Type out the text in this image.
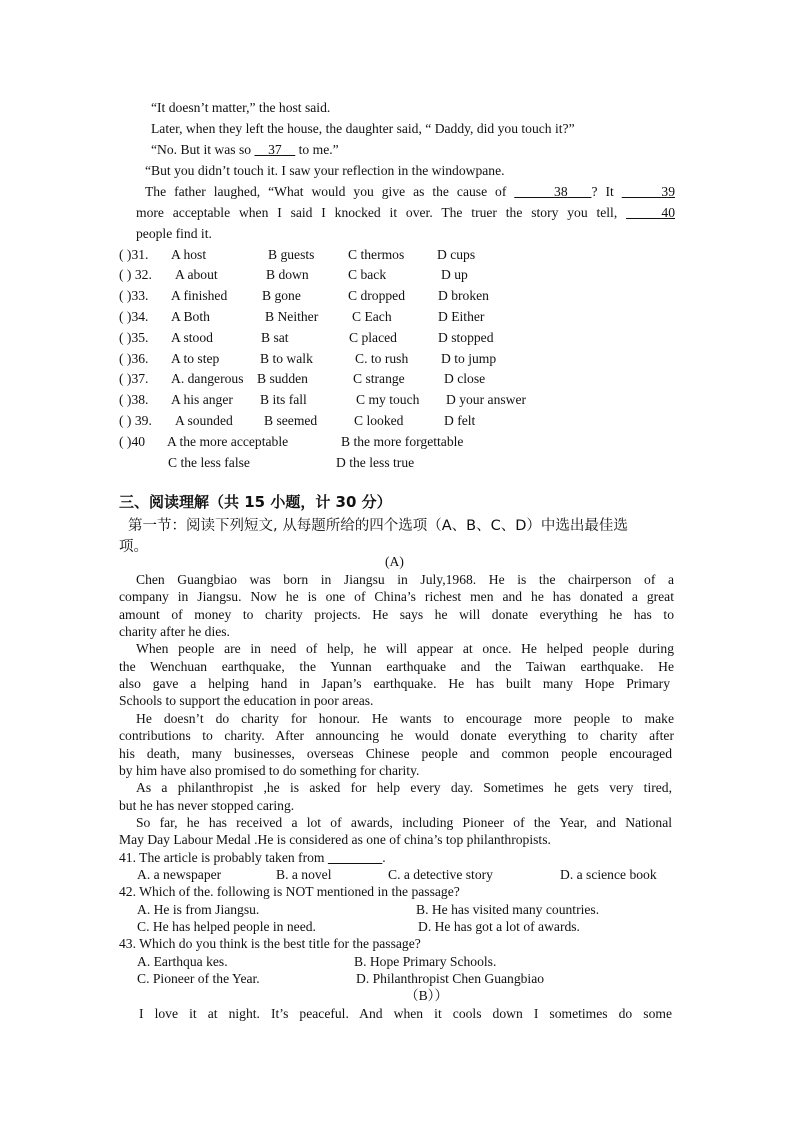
“It doesn’t matter,” the host said.
Later, when they left the house, the daughter said, “ Daddy, did you touch it?”
“No. But it was so 37 to me.”
“But you didn’t touch it. I saw your reflection in the windowpane.
The father laughed, “What would you give as the cause of	38 ? It	39
more acceptable when I said I knocked it over. The truer the story you tell,	40
people find it.
( )31. A host	B guests C thermos D cups
( ) 32. A about	B down	C back	D up
( )33. A finished	B gone	C dropped D broken
( )34. A Both	B Neither C Each	D Either
( )35. A stood	B sat	C placed	D stopped
( )36. A to step	B to walk	C. to rush D to jump
( )37. A. dangerous B sudden	C strange	D close
( )38. A his anger B its fall	C my touch D your answer
( ) 39. A sounded B seemed	C looked	D felt
( )40 A the more acceptable	B the more forgettable
C the less false	D the less true
三、阅读理解（共 15 小题，计 30 分）
第一节：阅读下列短文, 从每题所给的四个选项（A、B、C、D）中选出最佳选
项。
(A)
Chen Guangbiao was born in Jiangsu in July,1968. He is the chairperson of a
company in Jiangsu. Now he is one of China’s richest men and he has donated a great
amount of money to charity projects. He says he will donate everything he has to
charity after he dies.
When people are in need of help, he will appear at once. He helped people during
the Wenchuan earthquake, the Yunnan earthquake and the Taiwan earthquake. He
also gave a helping hand in Japan’s earthquake. He has built many Hope Primary
Schools to support the education in poor areas.
He doesn’t do charity for honour. He wants to encourage more people to make
contributions to charity. After announcing he would donate everything to charity after
his death, many businesses, overseas Chinese people and common people encouraged
by him have also promised to do something for charity.
As a philanthropist ,he is asked for help every day. Sometimes he gets very tired,
but he has never stopped caring.
So far, he has received a lot of awards, including Pioneer of the Year, and National
May Day Labour Medal .He is considered as one of china’s top philanthropists.
41. The article is probably taken from	.
A. a newspaper	B. a novel	C. a detective story	D. a science book
42. Which of the. following is NOT mentioned in the passage?
A. He is from Jiangsu.	B. He has visited many countries.
C. He has helped people in need.	D. He has got a lot of awards.
43. Which do you think is the best title for the passage?
A. Earthqua kes.	B. Hope Primary Schools.
C. Pioneer of the Year.	D. Philanthropist Chen Guangbiao
（B））
I love it at night. It’s peaceful. And when it cools down I sometimes do some
